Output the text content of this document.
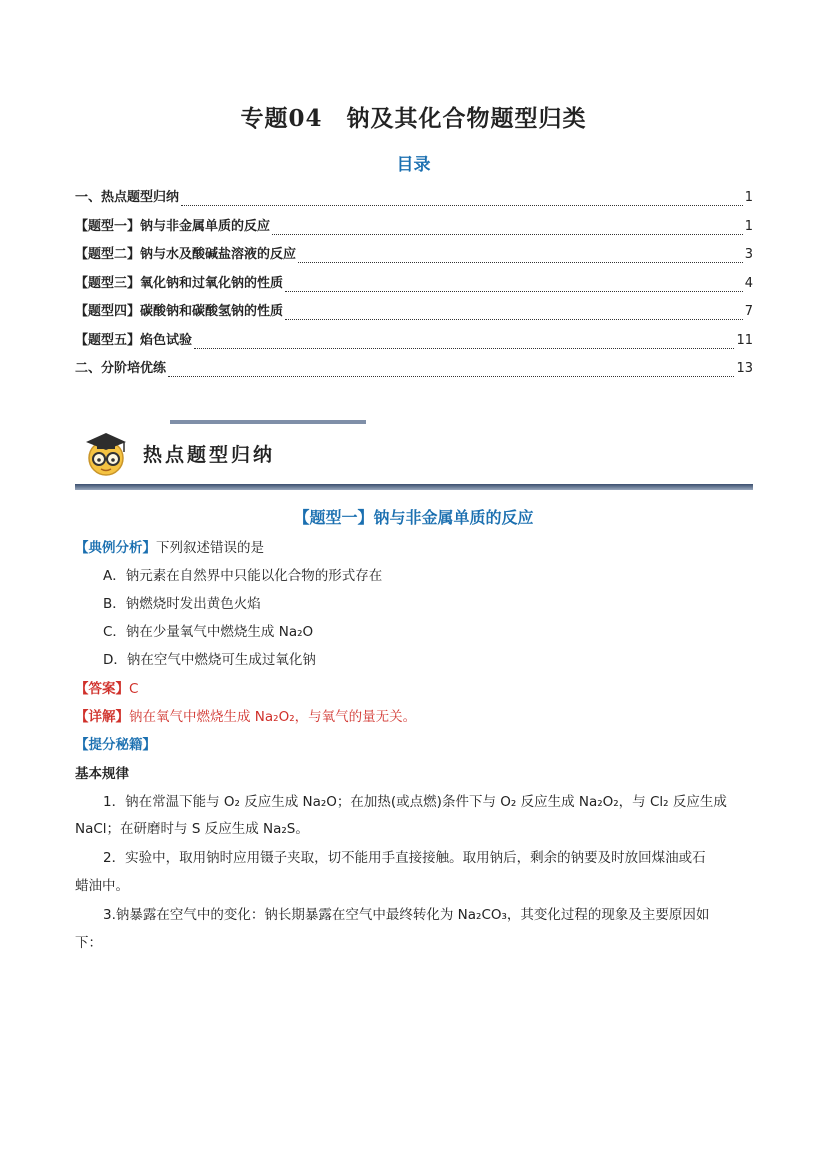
专题04　钠及其化合物题型归类
目录
一、热点题型归纳	1
【题型一】钠与非金属单质的反应	1
【题型二】钠与水及酸碱盐溶液的反应	3
【题型三】氧化钠和过氧化钠的性质	4
【题型四】碳酸钠和碳酸氢钠的性质	7
【题型五】焰色试验	11
二、分阶培优练	13
热点题型归纳
【题型一】钠与非金属单质的反应
【典例分析】下列叙述错误的是
A．钠元素在自然界中只能以化合物的形式存在
B．钠燃烧时发出黄色火焰
C．钠在少量氧气中燃烧生成 Na₂O
D．钠在空气中燃烧可生成过氧化钠
【答案】C
【详解】钠在氧气中燃烧生成 Na₂O₂，与氧气的量无关。
【提分秘籍】
基本规律
1．钠在常温下能与 O₂ 反应生成 Na₂O；在加热(或点燃)条件下与 O₂ 反应生成 Na₂O₂，与 Cl₂ 反应生成
NaCl；在研磨时与 S 反应生成 Na₂S。
2．实验中，取用钠时应用镊子夹取，切不能用手直接接触。取用钠后，剩余的钠要及时放回煤油或石
蜡油中。
3.钠暴露在空气中的变化：钠长期暴露在空气中最终转化为 Na₂CO₃，其变化过程的现象及主要原因如
下：
